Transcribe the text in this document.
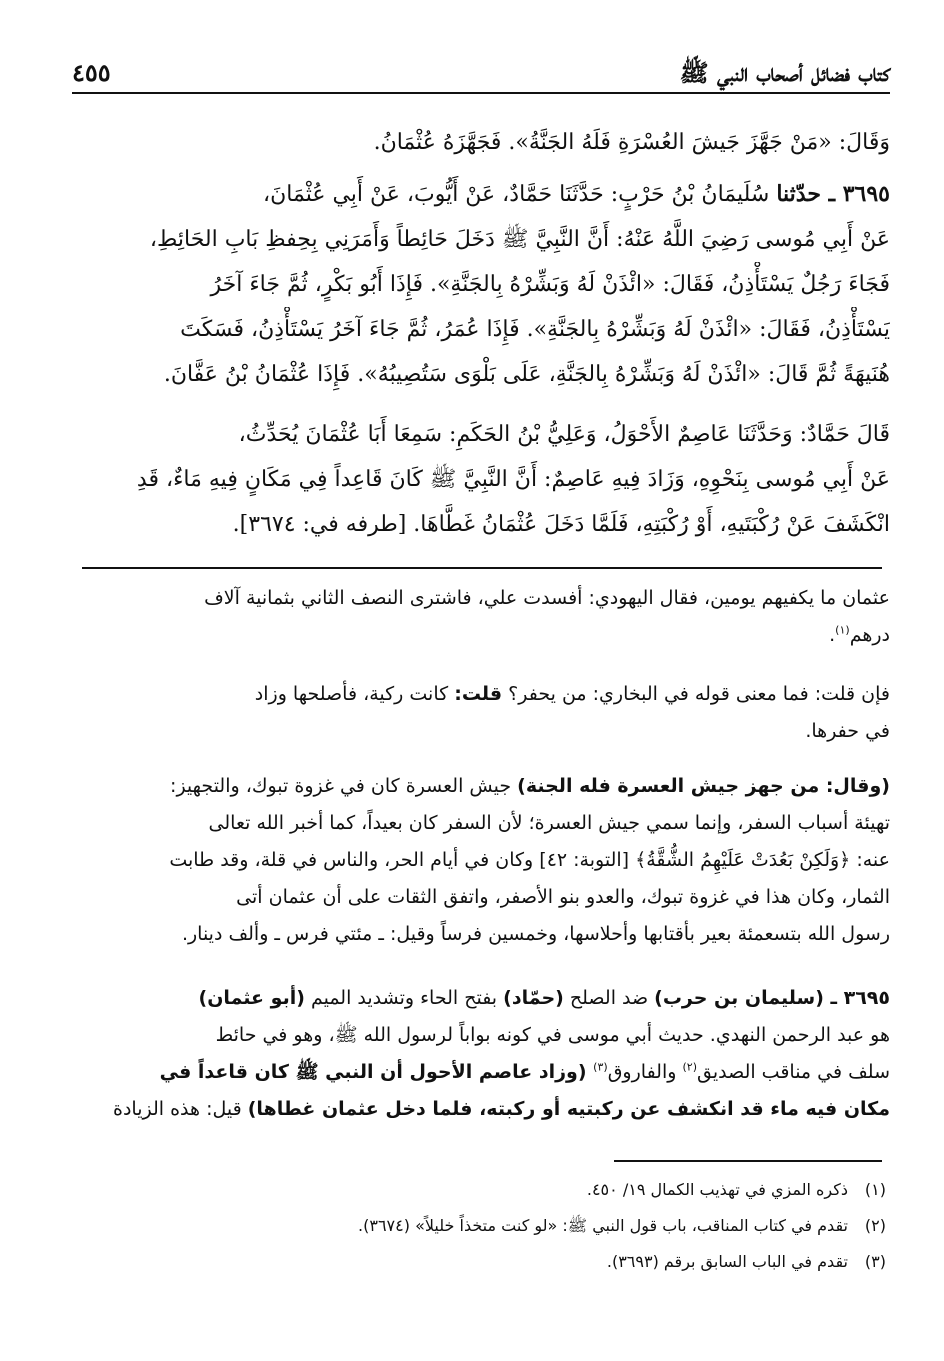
كتاب فضائل أصحاب النبي ﷺ
٤٥٥
وَقَالَ: «مَنْ جَهَّزَ جَيشَ العُسْرَةِ فَلَهُ الجَنَّةُ». فَجَهَّزَهُ عُثْمَانُ.
٣٦٩٥ ـ حدّثنا سُلَيمَانُ بْنُ حَرْبٍ: حَدَّثَنَا حَمَّادٌ، عَنْ أَيُّوبَ، عَنْ أَبِي عُثْمَانَ،
عَنْ أَبِي مُوسى رَضِيَ اللَّهُ عَنْهُ: أَنَّ النَّبِيَّ ﷺ دَخَلَ حَائِطاً وَأَمَرَنِي بِحِفظِ بَابِ الحَائِطِ،
فَجَاءَ رَجُلٌ يَسْتَأْذِنُ، فَقَالَ: «ائْذَنْ لَهُ وَبَشِّرْهُ بِالجَنَّةِ». فَإِذَا أَبُو بَكْرٍ، ثُمَّ جَاءَ آخَرُ
يَسْتَأْذِنُ، فَقَالَ: «ائْذَنْ لَهُ وَبَشِّرْهُ بِالجَنَّةِ». فَإِذَا عُمَرُ، ثُمَّ جَاءَ آخَرُ يَسْتَأْذِنُ، فَسَكَتَ
هُنَيهَةً ثُمَّ قَالَ: «ائْذَنْ لَهُ وَبَشِّرْهُ بِالجَنَّةِ، عَلَى بَلْوَى سَتُصِيبُهُ». فَإِذَا عُثْمَانُ بْنُ عَفَّانَ.
قَالَ حَمَّادٌ: وَحَدَّثَنَا عَاصِمٌ الأَحْوَلُ، وَعَلِيُّ بْنُ الحَكَمِ: سَمِعَا أَبَا عُثْمَانَ يُحَدِّثُ،
عَنْ أَبِي مُوسى بِنَحْوِهِ، وَزَادَ فِيهِ عَاصِمٌ: أَنَّ النَّبِيَّ ﷺ كَانَ قَاعِداً فِي مَكَانٍ فِيهِ مَاءٌ، قَدِ
انْكَشَفَ عَنْ رُكْبَتَيهِ، أَوْ رُكْبَتِهِ، فَلَمَّا دَخَلَ عُثْمَانُ غَطَّاهَا. [طرفه في: ٣٦٧٤].
عثمان ما يكفيهم يومين، فقال اليهودي: أفسدت علي، فاشترى النصف الثاني بثمانية آلاف
درهم$^{(١)}$.
فإن قلت: فما معنى قوله في البخاري: من يحفر؟ قلت: كانت ركية، فأصلحها وزاد
في حفرها.
(وقال: من جهز جيش العسرة فله الجنة) جيش العسرة كان في غزوة تبوك، والتجهيز:
تهيئة أسباب السفر، وإنما سمي جيش العسرة؛ لأن السفر كان بعيداً، كما أخبر الله تعالى
عنه: ﴿وَلَكِنْ بَعُدَتْ عَلَيْهِمُ الشُّقَّةُ﴾ [التوبة: ٤٢] وكان في أيام الحر، والناس في قلة، وقد طابت
الثمار، وكان هذا في غزوة تبوك، والعدو بنو الأصفر، واتفق الثقات على أن عثمان أتى
رسول الله بتسعمئة بعير بأقتابها وأحلاسها، وخمسين فرساً وقيل: ـ مئتي فرس ـ وألف دينار.
٣٦٩٥ ـ (سليمان بن حرب) ضد الصلح (حمّاد) بفتح الحاء وتشديد الميم (أبو عثمان)
هو عبد الرحمن النهدي. حديث أبي موسى في كونه بواباً لرسول الله ﷺ، وهو في حائط
سلف في مناقب الصديق$^{(٢)}$ والفاروق$^{(٣)}$ (وزاد عاصم الأحول أن النبي ﷺ كان قاعداً في
مكان فيه ماء قد انكشف عن ركبتيه أو ركبته، فلما دخل عثمان غطاها) قيل: هذه الزيادة
(١)ذكره المزي في تهذيب الكمال ١٩/ ٤٥٠.
(٢)تقدم في كتاب المناقب، باب قول النبي ﷺ: «لو كنت متخذاً خليلاً» (٣٦٧٤).
(٣)تقدم في الباب السابق برقم (٣٦٩٣).
